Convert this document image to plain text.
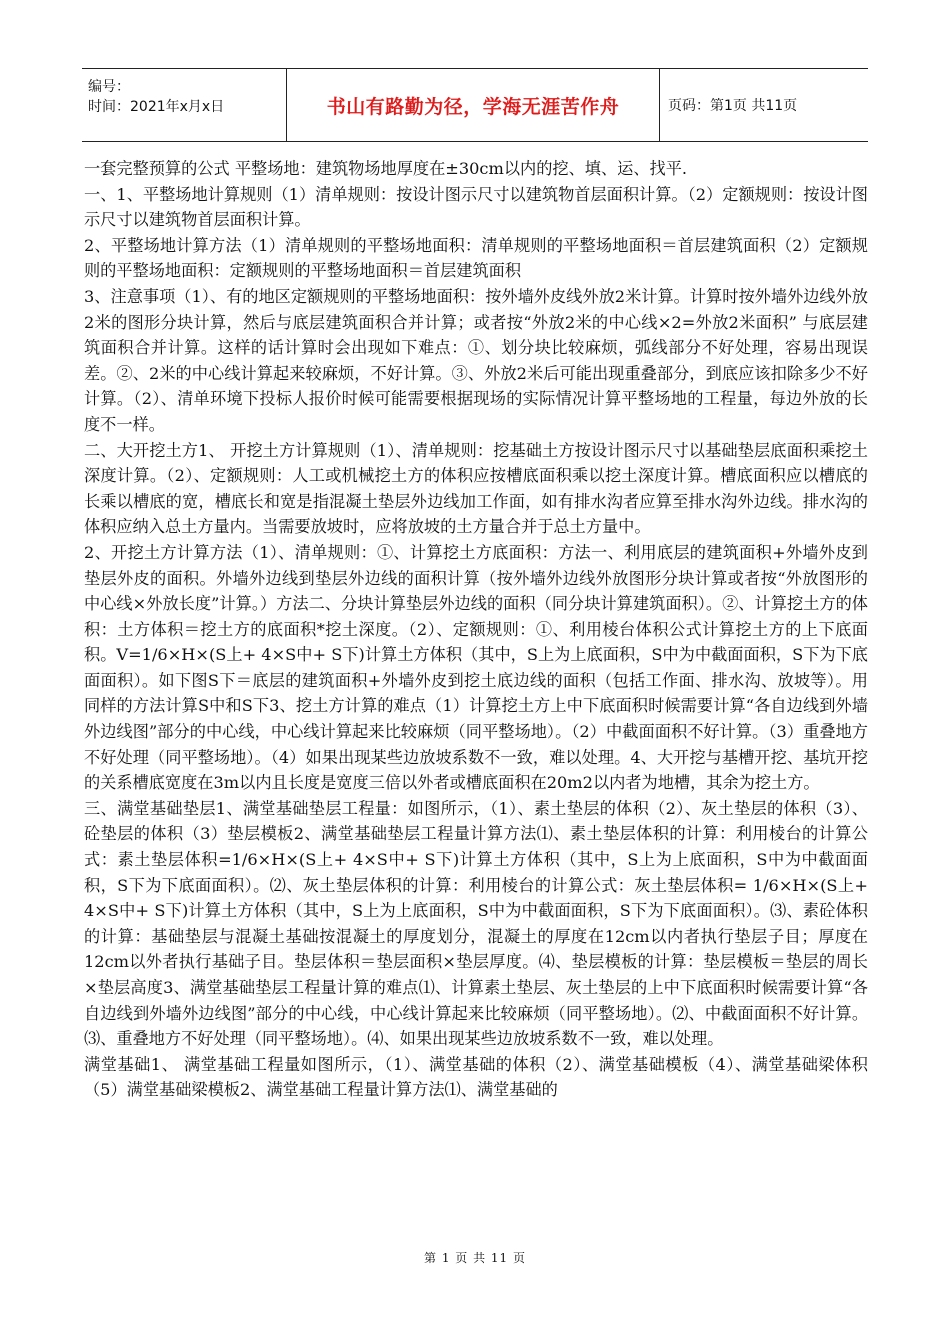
编号：
时间：2021年x月x日	书山有路勤为径，学海无涯苦作舟	页码：第1页 共11页

一套完整预算的公式 平整场地：建筑物场地厚度在±30cm以内的挖、填、运、找平.

一、1、平整场地计算规则（1）清单规则：按设计图示尺寸以建筑物首层面积计算。（2）定额规则：按设计图示尺寸以建筑物首层面积计算。

2、平整场地计算方法（1）清单规则的平整场地面积：清单规则的平整场地面积＝首层建筑面积（2）定额规则的平整场地面积：定额规则的平整场地面积＝首层建筑面积

3、注意事项（1）、有的地区定额规则的平整场地面积：按外墙外皮线外放2米计算。计算时按外墙外边线外放2米的图形分块计算，然后与底层建筑面积合并计算；或者按“外放2米的中心线×2=外放2米面积” 与底层建筑面积合并计算。这样的话计算时会出现如下难点：①、划分块比较麻烦，弧线部分不好处理，容易出现误差。②、2米的中心线计算起来较麻烦，不好计算。③、外放2米后可能出现重叠部分，到底应该扣除多少不好计算。（2）、清单环境下投标人报价时候可能需要根据现场的实际情况计算平整场地的工程量，每边外放的长度不一样。

二、大开挖土方1、 开挖土方计算规则（1）、清单规则：挖基础土方按设计图示尺寸以基础垫层底面积乘挖土深度计算。（2）、定额规则：人工或机械挖土方的体积应按槽底面积乘以挖土深度计算。槽底面积应以槽底的长乘以槽底的宽，槽底长和宽是指混凝土垫层外边线加工作面，如有排水沟者应算至排水沟外边线。排水沟的体积应纳入总土方量内。当需要放坡时，应将放坡的土方量合并于总土方量中。

2、开挖土方计算方法（1）、清单规则：①、计算挖土方底面积：方法一、利用底层的建筑面积+外墙外皮到垫层外皮的面积。外墙外边线到垫层外边线的面积计算（按外墙外边线外放图形分块计算或者按“外放图形的中心线×外放长度”计算。）方法二、分块计算垫层外边线的面积（同分块计算建筑面积）。②、计算挖土方的体积：土方体积＝挖土方的底面积*挖土深度。（2）、定额规则：①、利用棱台体积公式计算挖土方的上下底面积。V=1/6×H×(S上+ 4×S中+ S下)计算土方体积（其中，S上为上底面积，S中为中截面面积，S下为下底面面积）。如下图S下＝底层的建筑面积+外墙外皮到挖土底边线的面积（包括工作面、排水沟、放坡等）。用同样的方法计算S中和S下3、挖土方计算的难点（1）计算挖土方上中下底面积时候需要计算“各自边线到外墙外边线图”部分的中心线，中心线计算起来比较麻烦（同平整场地）。（2）中截面面积不好计算。（3）重叠地方不好处理（同平整场地）。（4）如果出现某些边放坡系数不一致，难以处理。4、大开挖与基槽开挖、基坑开挖的关系槽底宽度在3m以内且长度是宽度三倍以外者或槽底面积在20m2以内者为地槽，其余为挖土方。

三、满堂基础垫层1、满堂基础垫层工程量：如图所示，（1）、素土垫层的体积（2）、灰土垫层的体积（3）、砼垫层的体积（3）垫层模板2、满堂基础垫层工程量计算方法⑴、素土垫层体积的计算：利用棱台的计算公式：素土垫层体积=1/6×H×(S上+ 4×S中+ S下)计算土方体积（其中，S上为上底面积，S中为中截面面积，S下为下底面面积）。⑵、灰土垫层体积的计算：利用棱台的计算公式：灰土垫层体积= 1/6×H×(S上+ 4×S中+ S下)计算土方体积（其中，S上为上底面积，S中为中截面面积，S下为下底面面积）。⑶、素砼体积的计算：基础垫层与混凝土基础按混凝土的厚度划分，混凝土的厚度在12cm以内者执行垫层子目；厚度在12cm以外者执行基础子目。垫层体积＝垫层面积×垫层厚度。⑷、垫层模板的计算：垫层模板＝垫层的周长×垫层高度3、满堂基础垫层工程量计算的难点⑴、计算素土垫层、灰土垫层的上中下底面积时候需要计算“各自边线到外墙外边线图”部分的中心线，中心线计算起来比较麻烦（同平整场地）。⑵、中截面面积不好计算。⑶、重叠地方不好处理（同平整场地）。⑷、如果出现某些边放坡系数不一致，难以处理。

满堂基础1、 满堂基础工程量如图所示，（1）、满堂基础的体积（2）、满堂基础模板（4）、满堂基础梁体积（5）满堂基础梁模板2、满堂基础工程量计算方法⑴、满堂基础的

第 1 页 共 11 页
